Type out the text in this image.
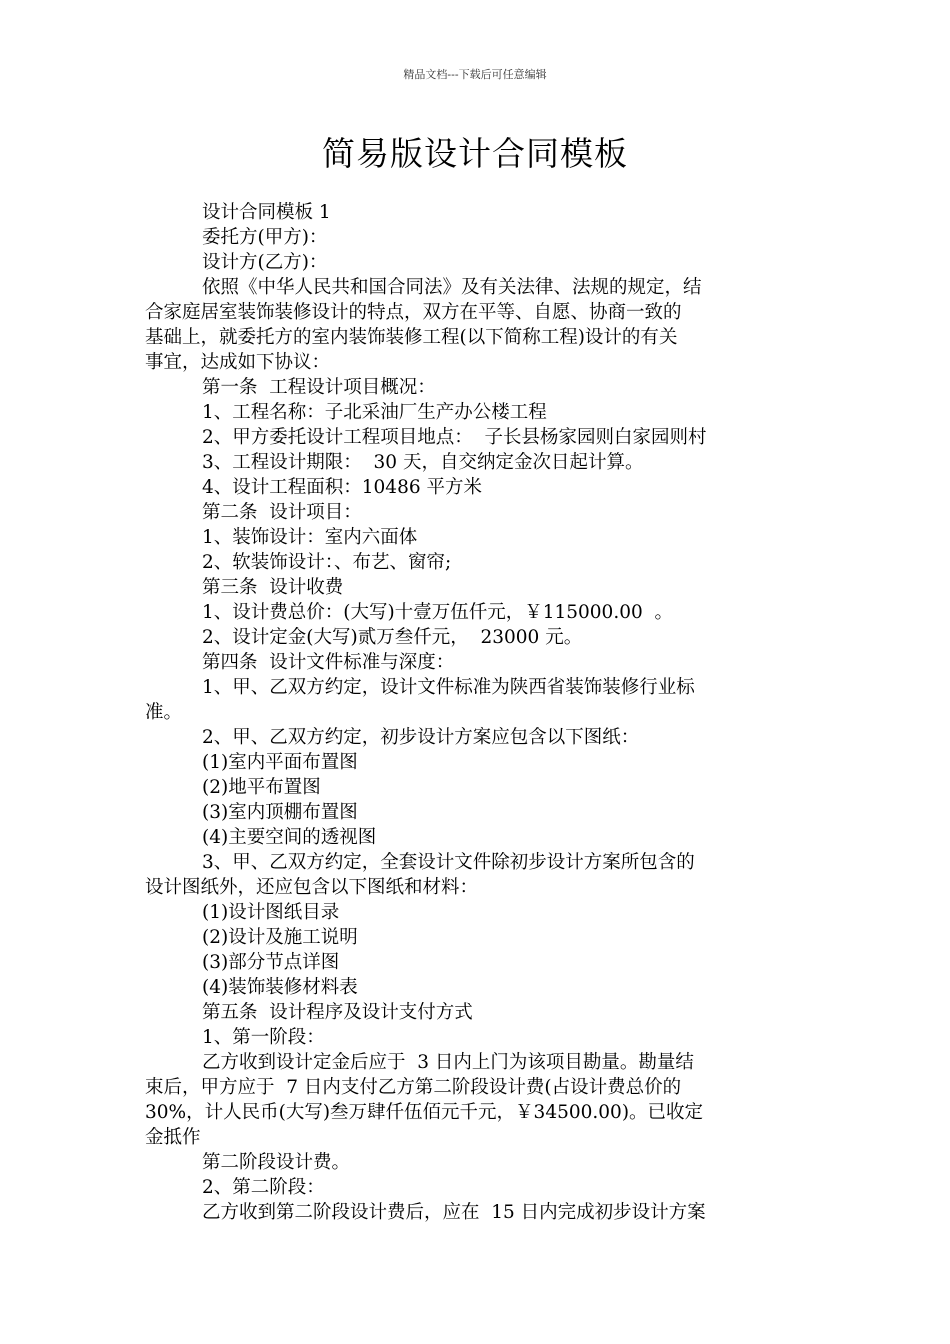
精品文档---下载后可任意编辑
简易版设计合同模板
设计合同模板 1
委托方(甲方)：
设计方(乙方)：
依照《中华人民共和国合同法》及有关法律、法规的规定，结
合家庭居室装饰装修设计的特点，双方在平等、自愿、协商一致的
基础上，就委托方的室内装饰装修工程(以下简称工程)设计的有关
事宜，达成如下协议：
第一条  工程设计项目概况：
1、工程名称：子北采油厂生产办公楼工程
2、甲方委托设计工程项目地点：  子长县杨家园则白家园则村
3、工程设计期限：  30 天，自交纳定金次日起计算。
4、设计工程面积：10486 平方米
第二条  设计项目：
1、装饰设计：室内六面体
2、软装饰设计：、布艺、窗帘;
第三条  设计收费
1、设计费总价：(大写)十壹万伍仟元，￥115000.00  。
2、设计定金(大写)贰万叁仟元，  23000 元。
第四条  设计文件标准与深度：
1、甲、乙双方约定，设计文件标准为陕西省装饰装修行业标
准。
2、甲、乙双方约定，初步设计方案应包含以下图纸：
(1)室内平面布置图
(2)地平布置图
(3)室内顶棚布置图
(4)主要空间的透视图
3、甲、乙双方约定，全套设计文件除初步设计方案所包含的
设计图纸外，还应包含以下图纸和材料：
(1)设计图纸目录
(2)设计及施工说明
(3)部分节点详图
(4)装饰装修材料表
第五条  设计程序及设计支付方式
1、第一阶段：
乙方收到设计定金后应于  3 日内上门为该项目勘量。勘量结
束后，甲方应于  7 日内支付乙方第二阶段设计费(占设计费总价的
30%，计人民币(大写)叁万肆仟伍佰元千元，￥34500.00)。已收定
金抵作
第二阶段设计费。
2、第二阶段：
乙方收到第二阶段设计费后，应在  15 日内完成初步设计方案
